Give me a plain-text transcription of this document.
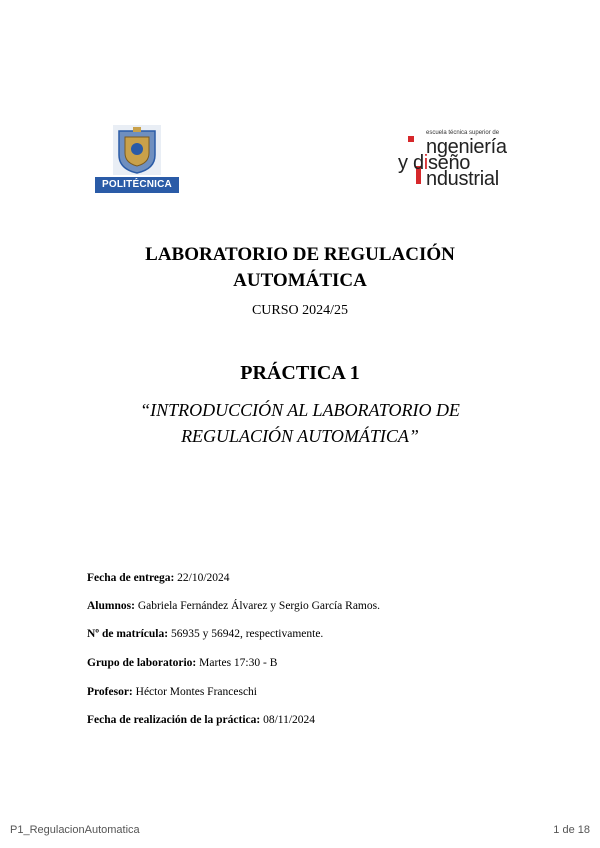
POLITÉCNICA
escuela técnica superior de
ngeniería
y diseño
ndustrial
LABORATORIO DE REGULACIÓN
AUTOMÁTICA
CURSO 2024/25
PRÁCTICA 1
“INTRODUCCIÓN AL LABORATORIO DE
REGULACIÓN AUTOMÁTICA”
Fecha de entrega: 22/10/2024
Alumnos: Gabriela Fernández Álvarez y Sergio García Ramos.
Nº de matrícula: 56935 y 56942, respectivamente.
Grupo de laboratorio: Martes 17:30 - B
Profesor: Héctor Montes Franceschi
Fecha de realización de la práctica: 08/11/2024
P1_RegulacionAutomatica	1 de 18
